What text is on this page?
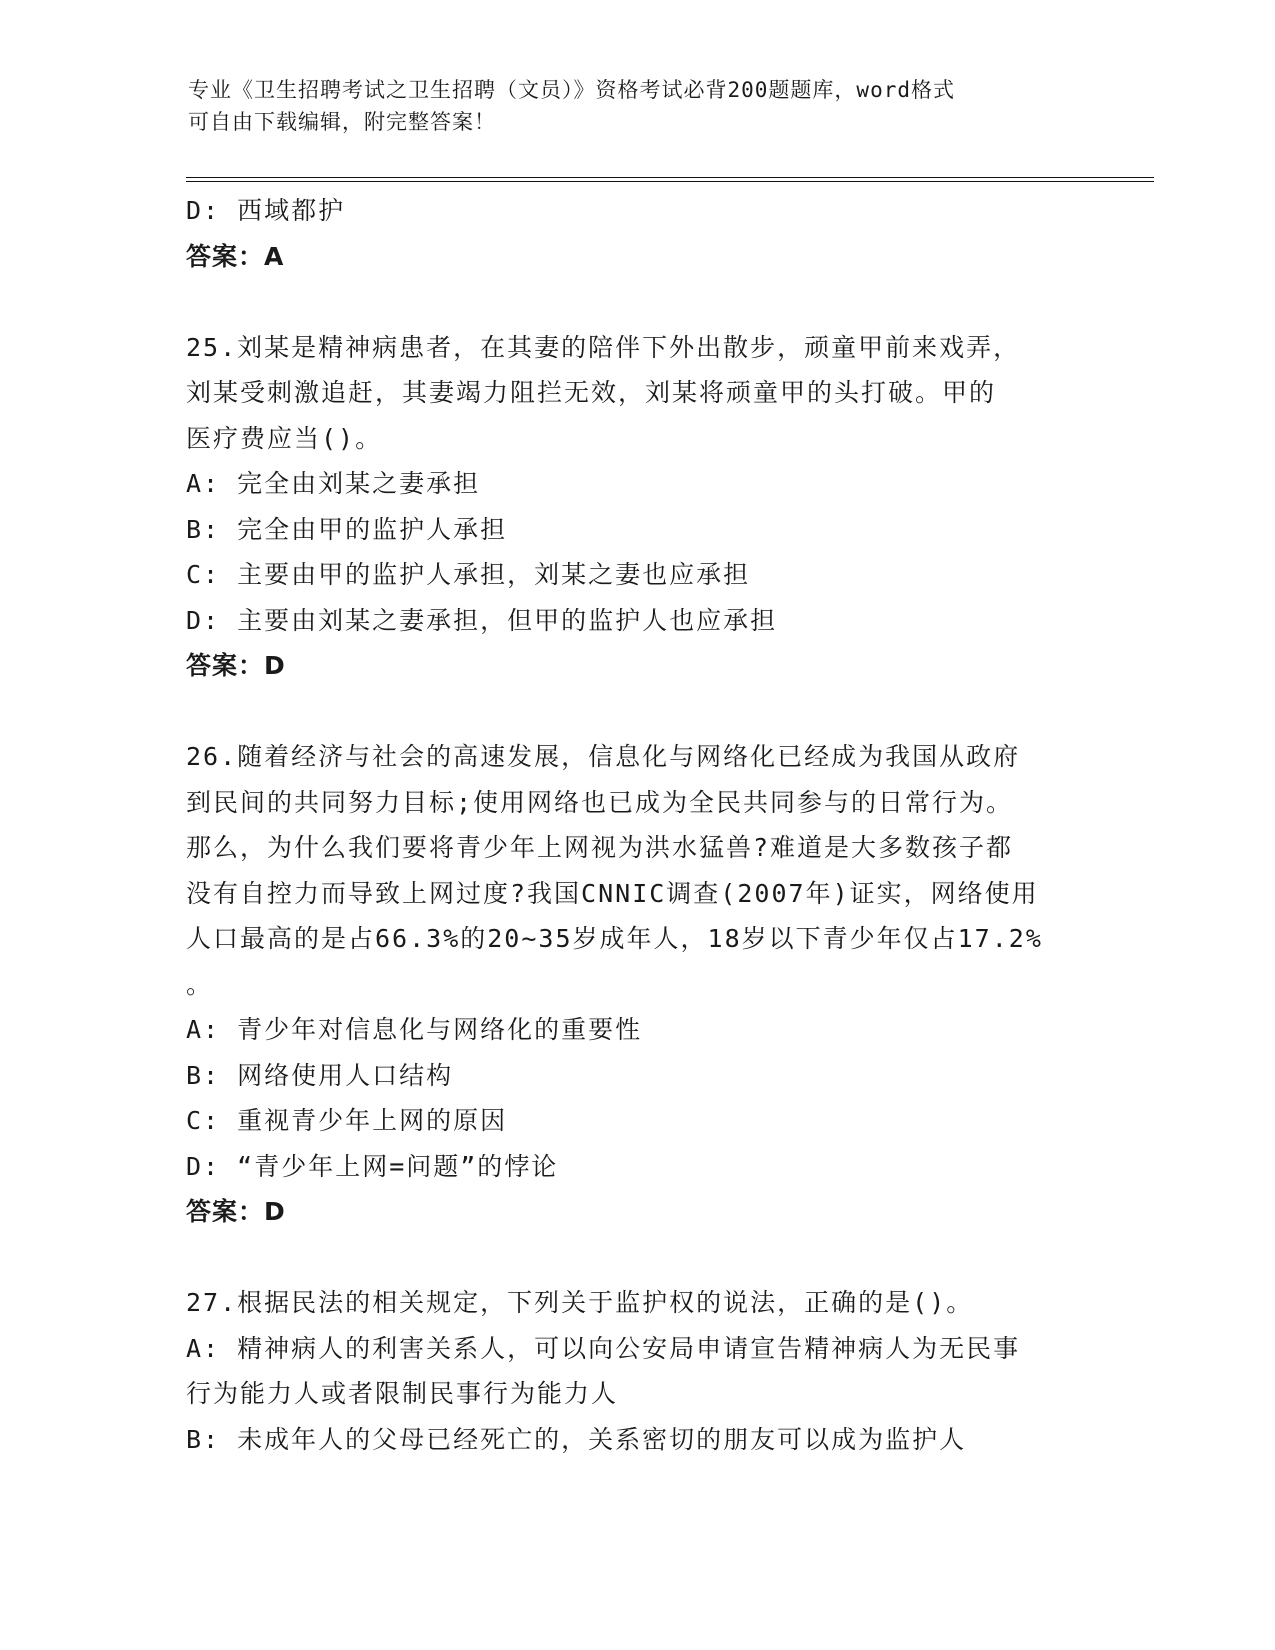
专业《卫生招聘考试之卫生招聘（文员）》资格考试必背200题题库，word格式
可自由下载编辑，附完整答案！
D: 西域都护
答案：A
25.刘某是精神病患者，在其妻的陪伴下外出散步，顽童甲前来戏弄，
刘某受刺激追赶，其妻竭力阻拦无效，刘某将顽童甲的头打破。甲的
医疗费应当()。
A: 完全由刘某之妻承担
B: 完全由甲的监护人承担
C: 主要由甲的监护人承担，刘某之妻也应承担
D: 主要由刘某之妻承担，但甲的监护人也应承担
答案：D
26.随着经济与社会的高速发展，信息化与网络化已经成为我国从政府
到民间的共同努力目标;使用网络也已成为全民共同参与的日常行为。
那么，为什么我们要将青少年上网视为洪水猛兽?难道是大多数孩子都
没有自控力而导致上网过度?我国CNNIC调查(2007年)证实，网络使用
人口最高的是占66.3%的20~35岁成年人，18岁以下青少年仅占17.2%
。
A: 青少年对信息化与网络化的重要性
B: 网络使用人口结构
C: 重视青少年上网的原因
D: “青少年上网=问题”的悖论
答案：D
27.根据民法的相关规定，下列关于监护权的说法，正确的是()。
A: 精神病人的利害关系人，可以向公安局申请宣告精神病人为无民事
行为能力人或者限制民事行为能力人
B: 未成年人的父母已经死亡的，关系密切的朋友可以成为监护人
